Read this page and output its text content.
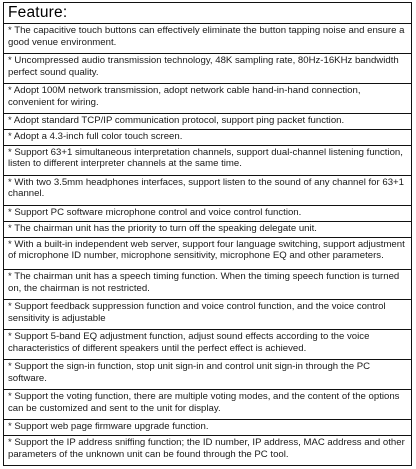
Feature:
* The capacitive touch buttons can effectively eliminate the button tapping noise and ensure a good venue environment.
* Uncompressed audio transmission technology, 48K sampling rate, 80Hz-16KHz bandwidth perfect sound quality.
* Adopt 100M network transmission, adopt network cable hand-in-hand connection, convenient for wiring.
* Adopt standard TCP/IP communication protocol, support ping packet function.
* Adopt a 4.3-inch full color touch screen.
* Support 63+1 simultaneous interpretation channels, support dual-channel listening function, listen to different interpreter channels at the same time.
* With two 3.5mm headphones interfaces, support listen to the sound of any channel for 63+1 channel.
* Support PC software microphone control and voice control function.
* The chairman unit has the priority to turn off the speaking delegate unit.
* With a built-in independent web server, support four language switching, support adjustment of microphone ID number, microphone sensitivity, microphone EQ and other parameters.
* The chairman unit has a speech timing function. When the timing speech function is turned on, the chairman is not restricted.
* Support feedback suppression function and voice control function, and the voice control sensitivity is adjustable
* Support 5-band EQ adjustment function, adjust sound effects according to the voice characteristics of different speakers until the perfect effect is achieved.
* Support the sign-in function, stop unit sign-in and control unit sign-in through the PC software.
* Support the voting function, there are multiple voting modes, and the content of the options can be customized and sent to the unit for display.
* Support web page firmware upgrade function.
* Support the IP address sniffing function; the ID number, IP address, MAC address and other parameters of the unknown unit can be found through the PC tool.
